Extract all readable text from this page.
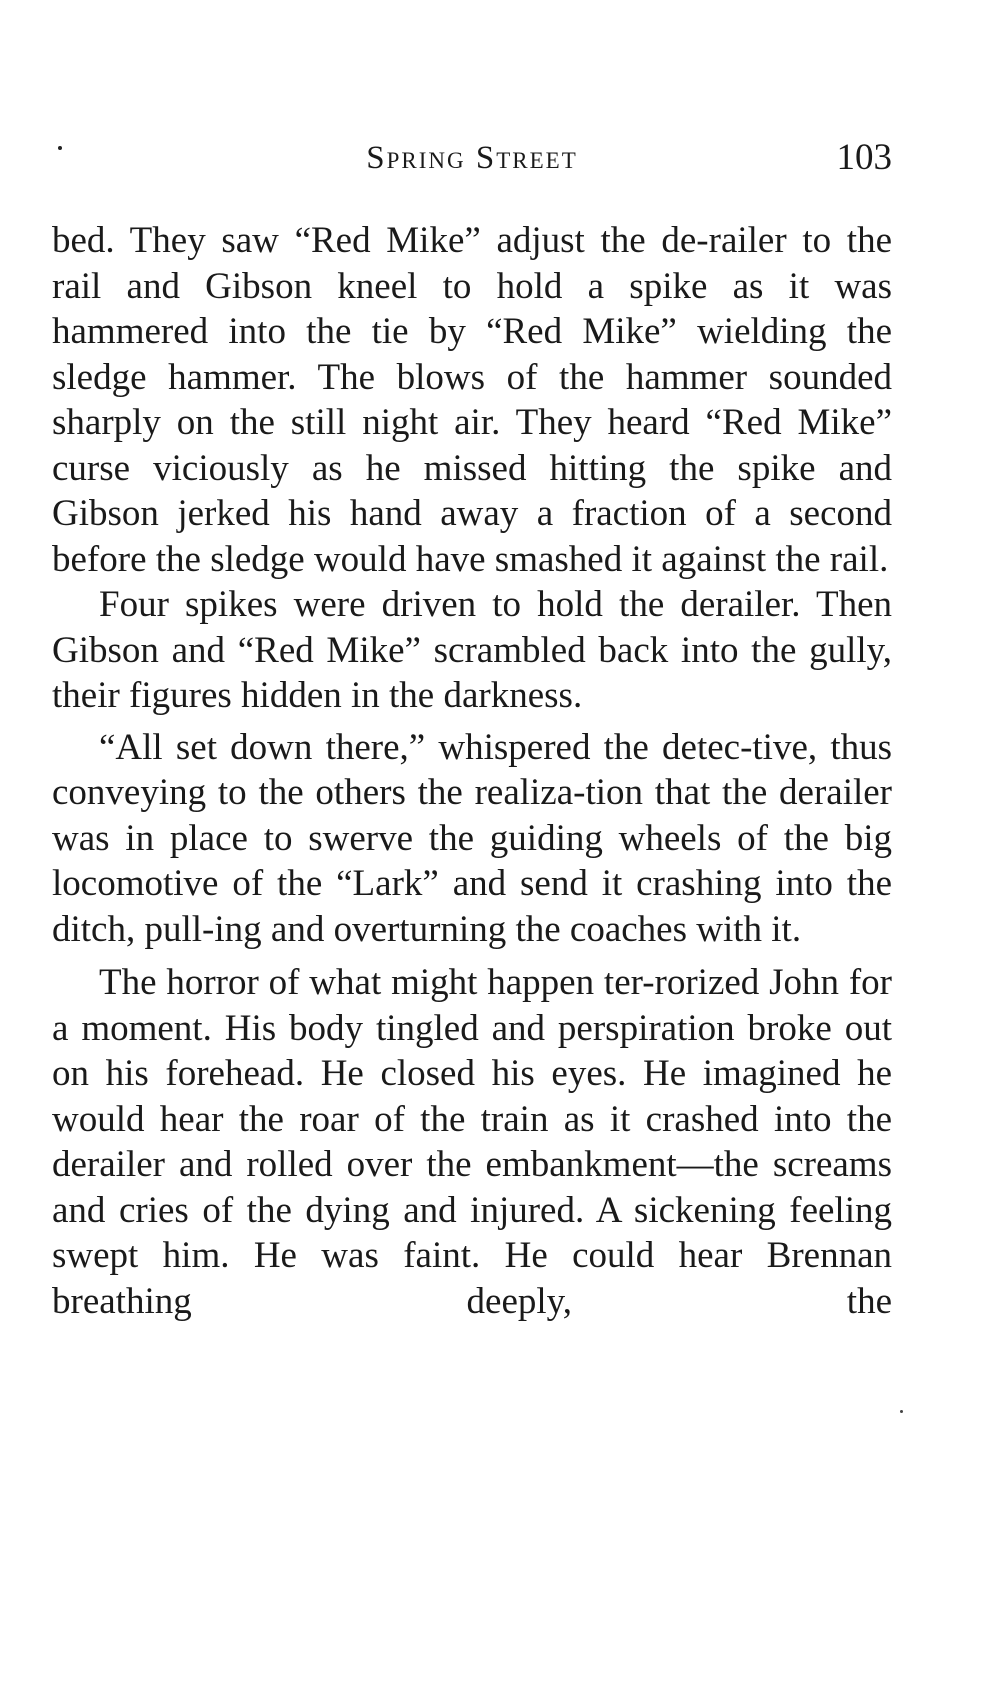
Spring Street	103

bed. They saw “Red Mike” adjust the de-railer to the rail and Gibson kneel to hold a spike as it was hammered into the tie by “Red Mike” wielding the sledge hammer. The blows of the hammer sounded sharply on the still night air. They heard “Red Mike” curse viciously as he missed hitting the spike and Gibson jerked his hand away a fraction of a second before the sledge would have smashed it against the rail.

Four spikes were driven to hold the derailer. Then Gibson and “Red Mike” scrambled back into the gully, their figures hidden in the darkness.

“All set down there,” whispered the detec-tive, thus conveying to the others the realiza-tion that the derailer was in place to swerve the guiding wheels of the big locomotive of the “Lark” and send it crashing into the ditch, pull-ing and overturning the coaches with it.

The horror of what might happen ter-rorized John for a moment. His body tingled and perspiration broke out on his forehead. He closed his eyes. He imagined he would hear the roar of the train as it crashed into the derailer and rolled over the embankment—the screams and cries of the dying and injured. A sickening feeling swept him. He was faint. He could hear Brennan breathing deeply, the
